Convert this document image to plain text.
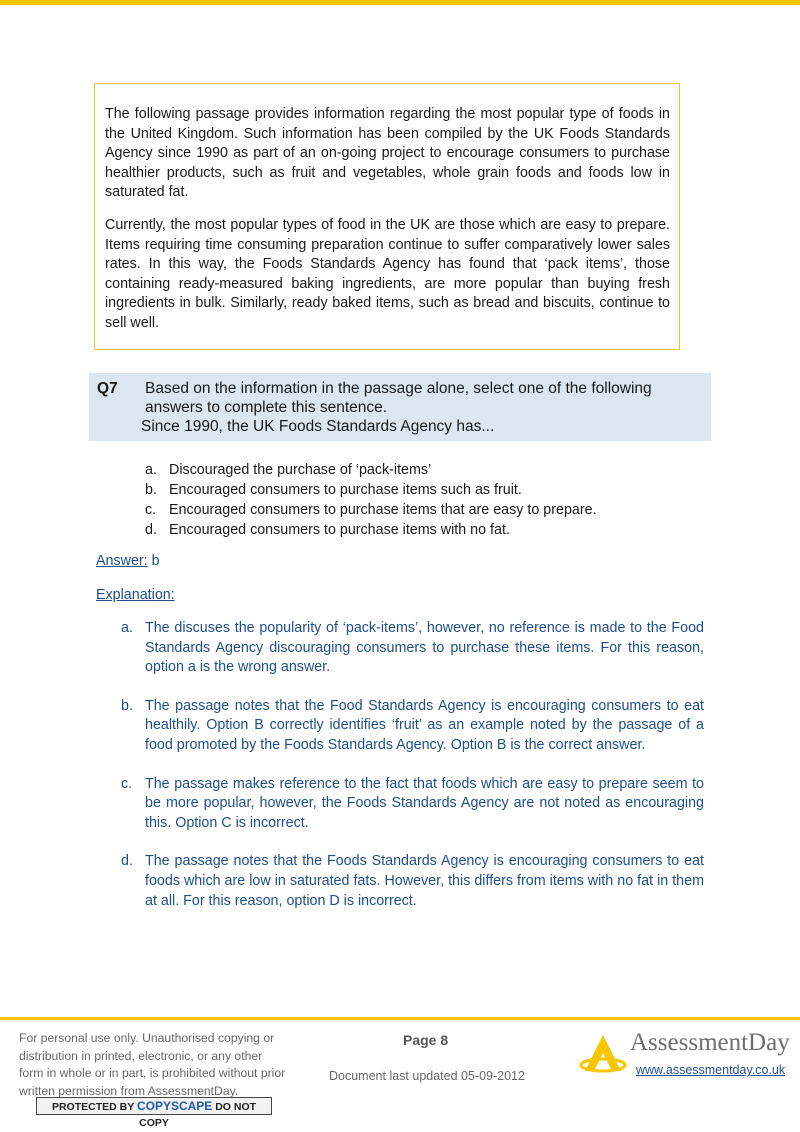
The following passage provides information regarding the most popular type of foods in the United Kingdom. Such information has been compiled by the UK Foods Standards Agency since 1990 as part of an on-going project to encourage consumers to purchase healthier products, such as fruit and vegetables, whole grain foods and foods low in saturated fat.

Currently, the most popular types of food in the UK are those which are easy to prepare. Items requiring time consuming preparation continue to suffer comparatively lower sales rates. In this way, the Foods Standards Agency has found that ‘pack items’, those containing ready-measured baking ingredients, are more popular than buying fresh ingredients in bulk. Similarly, ready baked items, such as bread and biscuits, continue to sell well.

Q7 Based on the information in the passage alone, select one of the following answers to complete this sentence.
Since 1990, the UK Foods Standards Agency has...
a. Discouraged the purchase of ‘pack-items’
b. Encouraged consumers to purchase items such as fruit.
c. Encouraged consumers to purchase items that are easy to prepare.
d. Encouraged consumers to purchase items with no fat.
Answer: b
Explanation:
a. The discuses the popularity of ‘pack-items’, however, no reference is made to the Food Standards Agency discouraging consumers to purchase these items. For this reason, option a is the wrong answer.
b. The passage notes that the Food Standards Agency is encouraging consumers to eat healthily. Option B correctly identifies ‘fruit’ as an example noted by the passage of a food promoted by the Foods Standards Agency. Option B is the correct answer.
c. The passage makes reference to the fact that foods which are easy to prepare seem to be more popular, however, the Foods Standards Agency are not noted as encouraging this. Option C is incorrect.
d. The passage notes that the Foods Standards Agency is encouraging consumers to eat foods which are low in saturated fats. However, this differs from items with no fat in them at all. For this reason, option D is incorrect.
For personal use only. Unauthorised copying or distribution in printed, electronic, or any other form in whole or in part, is prohibited without prior written permission from AssessmentDay.
PROTECTED BY COPYSCAPE DO NOT COPY
Page 8
Document last updated 05-09-2012
AssessmentDay
www.assessmentday.co.uk
